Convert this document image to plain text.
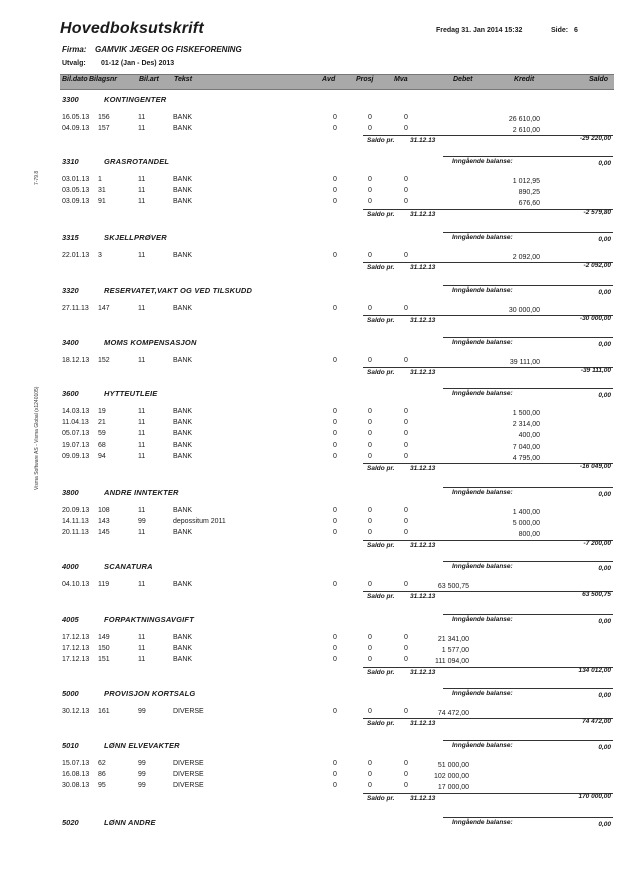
Hovedboksutskrift	Fredag 31. Jan 2014 15:32	Side: 6
Firma: GAMVIK JÆGER OG FISKEFORENING
Utvalg: 01-12 (Jan - Des) 2013
Bil.dato Bilagsnr	Bil.art Tekst	Avd	Prosj	Mva	Debet	Kredit	Saldo
7-79.8
Visma Software AS - Visma Global (x1240105)
3300	KONTINGENTER
16.05.13 156	11	BANK	0	0	0	26 610,00
04.09.13 157	11	BANK	0	0	0	2 610,00
Saldo pr. 31.12.13	-29 220,00
3310	GRASROTANDEL	Inngående balanse:	0,00
03.01.13 1	11	BANK	0	0	0	1 012,95
03.05.13 31	11	BANK	0	0	0	890,25
03.09.13 91	11	BANK	0	0	0	676,60
Saldo pr. 31.12.13	-2 579,80
3315	SKJELLPRØVER	Inngående balanse:	0,00
22.01.13 3	11	BANK	0	0	0	2 092,00
Saldo pr. 31.12.13	-2 092,00
3320	RESERVATET,VAKT OG VED TILSKUDD	Inngående balanse:	0,00
27.11.13 147	11	BANK	0	0	0	30 000,00
Saldo pr. 31.12.13	-30 000,00
3400	MOMS KOMPENSASJON	Inngående balanse:	0,00
18.12.13 152	11	BANK	0	0	0	39 111,00
Saldo pr. 31.12.13	-39 111,00
3600	HYTTEUTLEIE	Inngående balanse:	0,00
14.03.13 19	11	BANK	0	0	0	1 500,00
11.04.13 21	11	BANK	0	0	0	2 314,00
05.07.13 59	11	BANK	0	0	0	400,00
19.07.13 68	11	BANK	0	0	0	7 040,00
09.09.13 94	11	BANK	0	0	0	4 795,00
Saldo pr. 31.12.13	-16 049,00
3800	ANDRE INNTEKTER	Inngående balanse:	0,00
20.09.13 108	11	BANK	0	0	0	1 400,00
14.11.13 143	99	depossitum 2011	0	0	0	5 000,00
20.11.13 145	11	BANK	0	0	0	800,00
Saldo pr. 31.12.13	-7 200,00
4000	SCANATURA	Inngående balanse:	0,00
04.10.13 119	11	BANK	0	0	0	63 500,75
Saldo pr. 31.12.13	63 500,75
4005	FORPAKTNINGSAVGIFT	Inngående balanse:	0,00
17.12.13 149	11	BANK	0	0	0	21 341,00
17.12.13 150	11	BANK	0	0	0	1 577,00
17.12.13 151	11	BANK	0	0	0	111 094,00
Saldo pr. 31.12.13	134 012,00
5000	PROVISJON KORTSALG	Inngående balanse:	0,00
30.12.13 161	99	DIVERSE	0	0	0	74 472,00
Saldo pr. 31.12.13	74 472,00
5010	LØNN ELVEVAKTER	Inngående balanse:	0,00
15.07.13 62	99	DIVERSE	0	0	0	51 000,00
16.08.13 86	99	DIVERSE	0	0	0	102 000,00
30.08.13 95	99	DIVERSE	0	0	0	17 000,00
Saldo pr. 31.12.13	170 000,00
5020	LØNN ANDRE	Inngående balanse:	0,00
